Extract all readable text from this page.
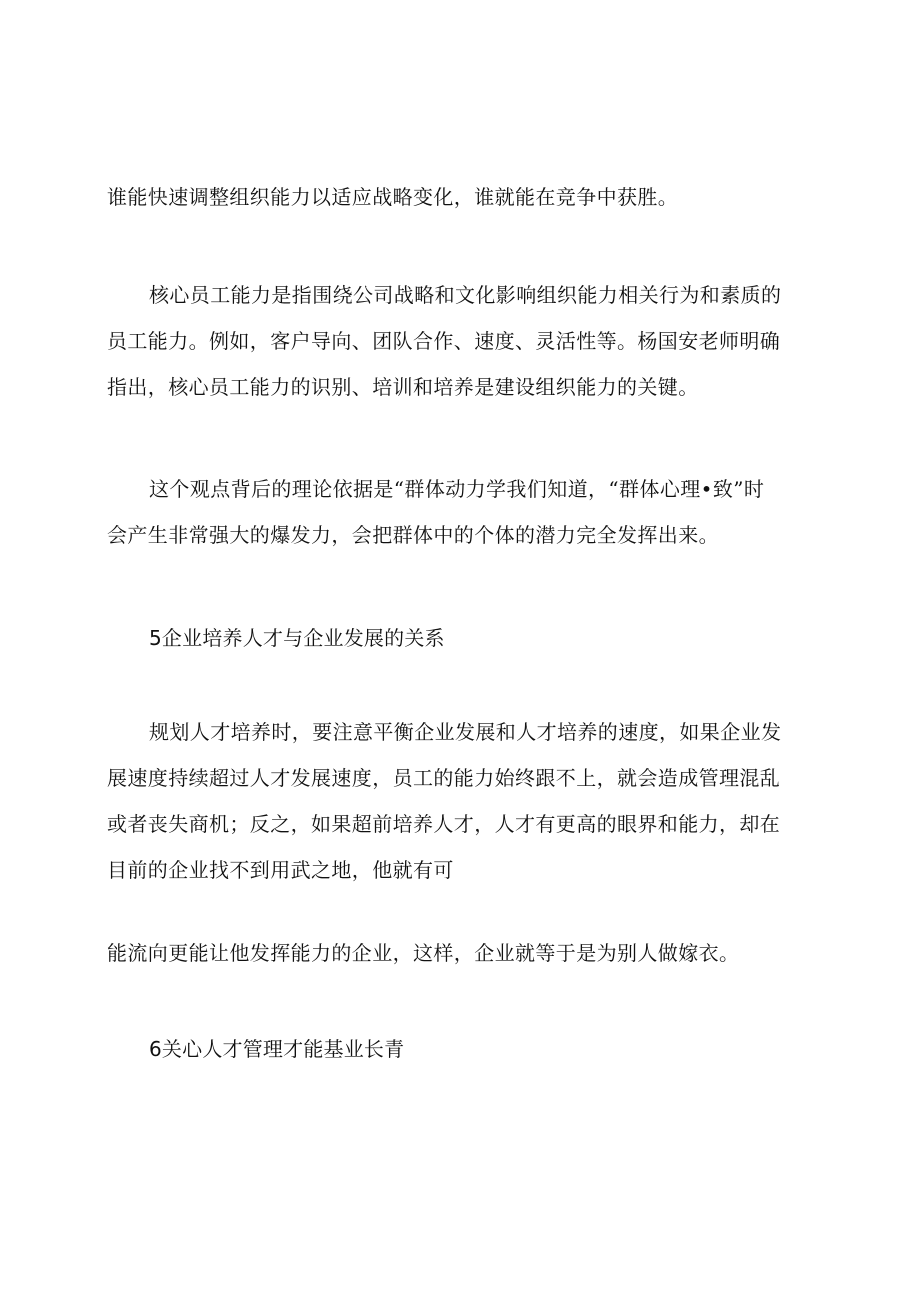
谁能快速调整组织能力以适应战略变化，谁就能在竞争中获胜。

核心员工能力是指围绕公司战略和文化影响组织能力相关行为和素质的
员工能力。例如，客户导向、团队合作、速度、灵活性等。杨国安老师明确
指出，核心员工能力的识别、培训和培养是建设组织能力的关键。

这个观点背后的理论依据是“群体动力学我们知道，“群体心理•致”时
会产生非常强大的爆发力，会把群体中的个体的潜力完全发挥出来。

5企业培养人才与企业发展的关系

规划人才培养时，要注意平衡企业发展和人才培养的速度，如果企业发
展速度持续超过人才发展速度，员工的能力始终跟不上，就会造成管理混乱
或者丧失商机；反之，如果超前培养人才，人才有更高的眼界和能力，却在
目前的企业找不到用武之地，他就有可

能流向更能让他发挥能力的企业，这样，企业就等于是为别人做嫁衣。

6关心人才管理才能基业长青
